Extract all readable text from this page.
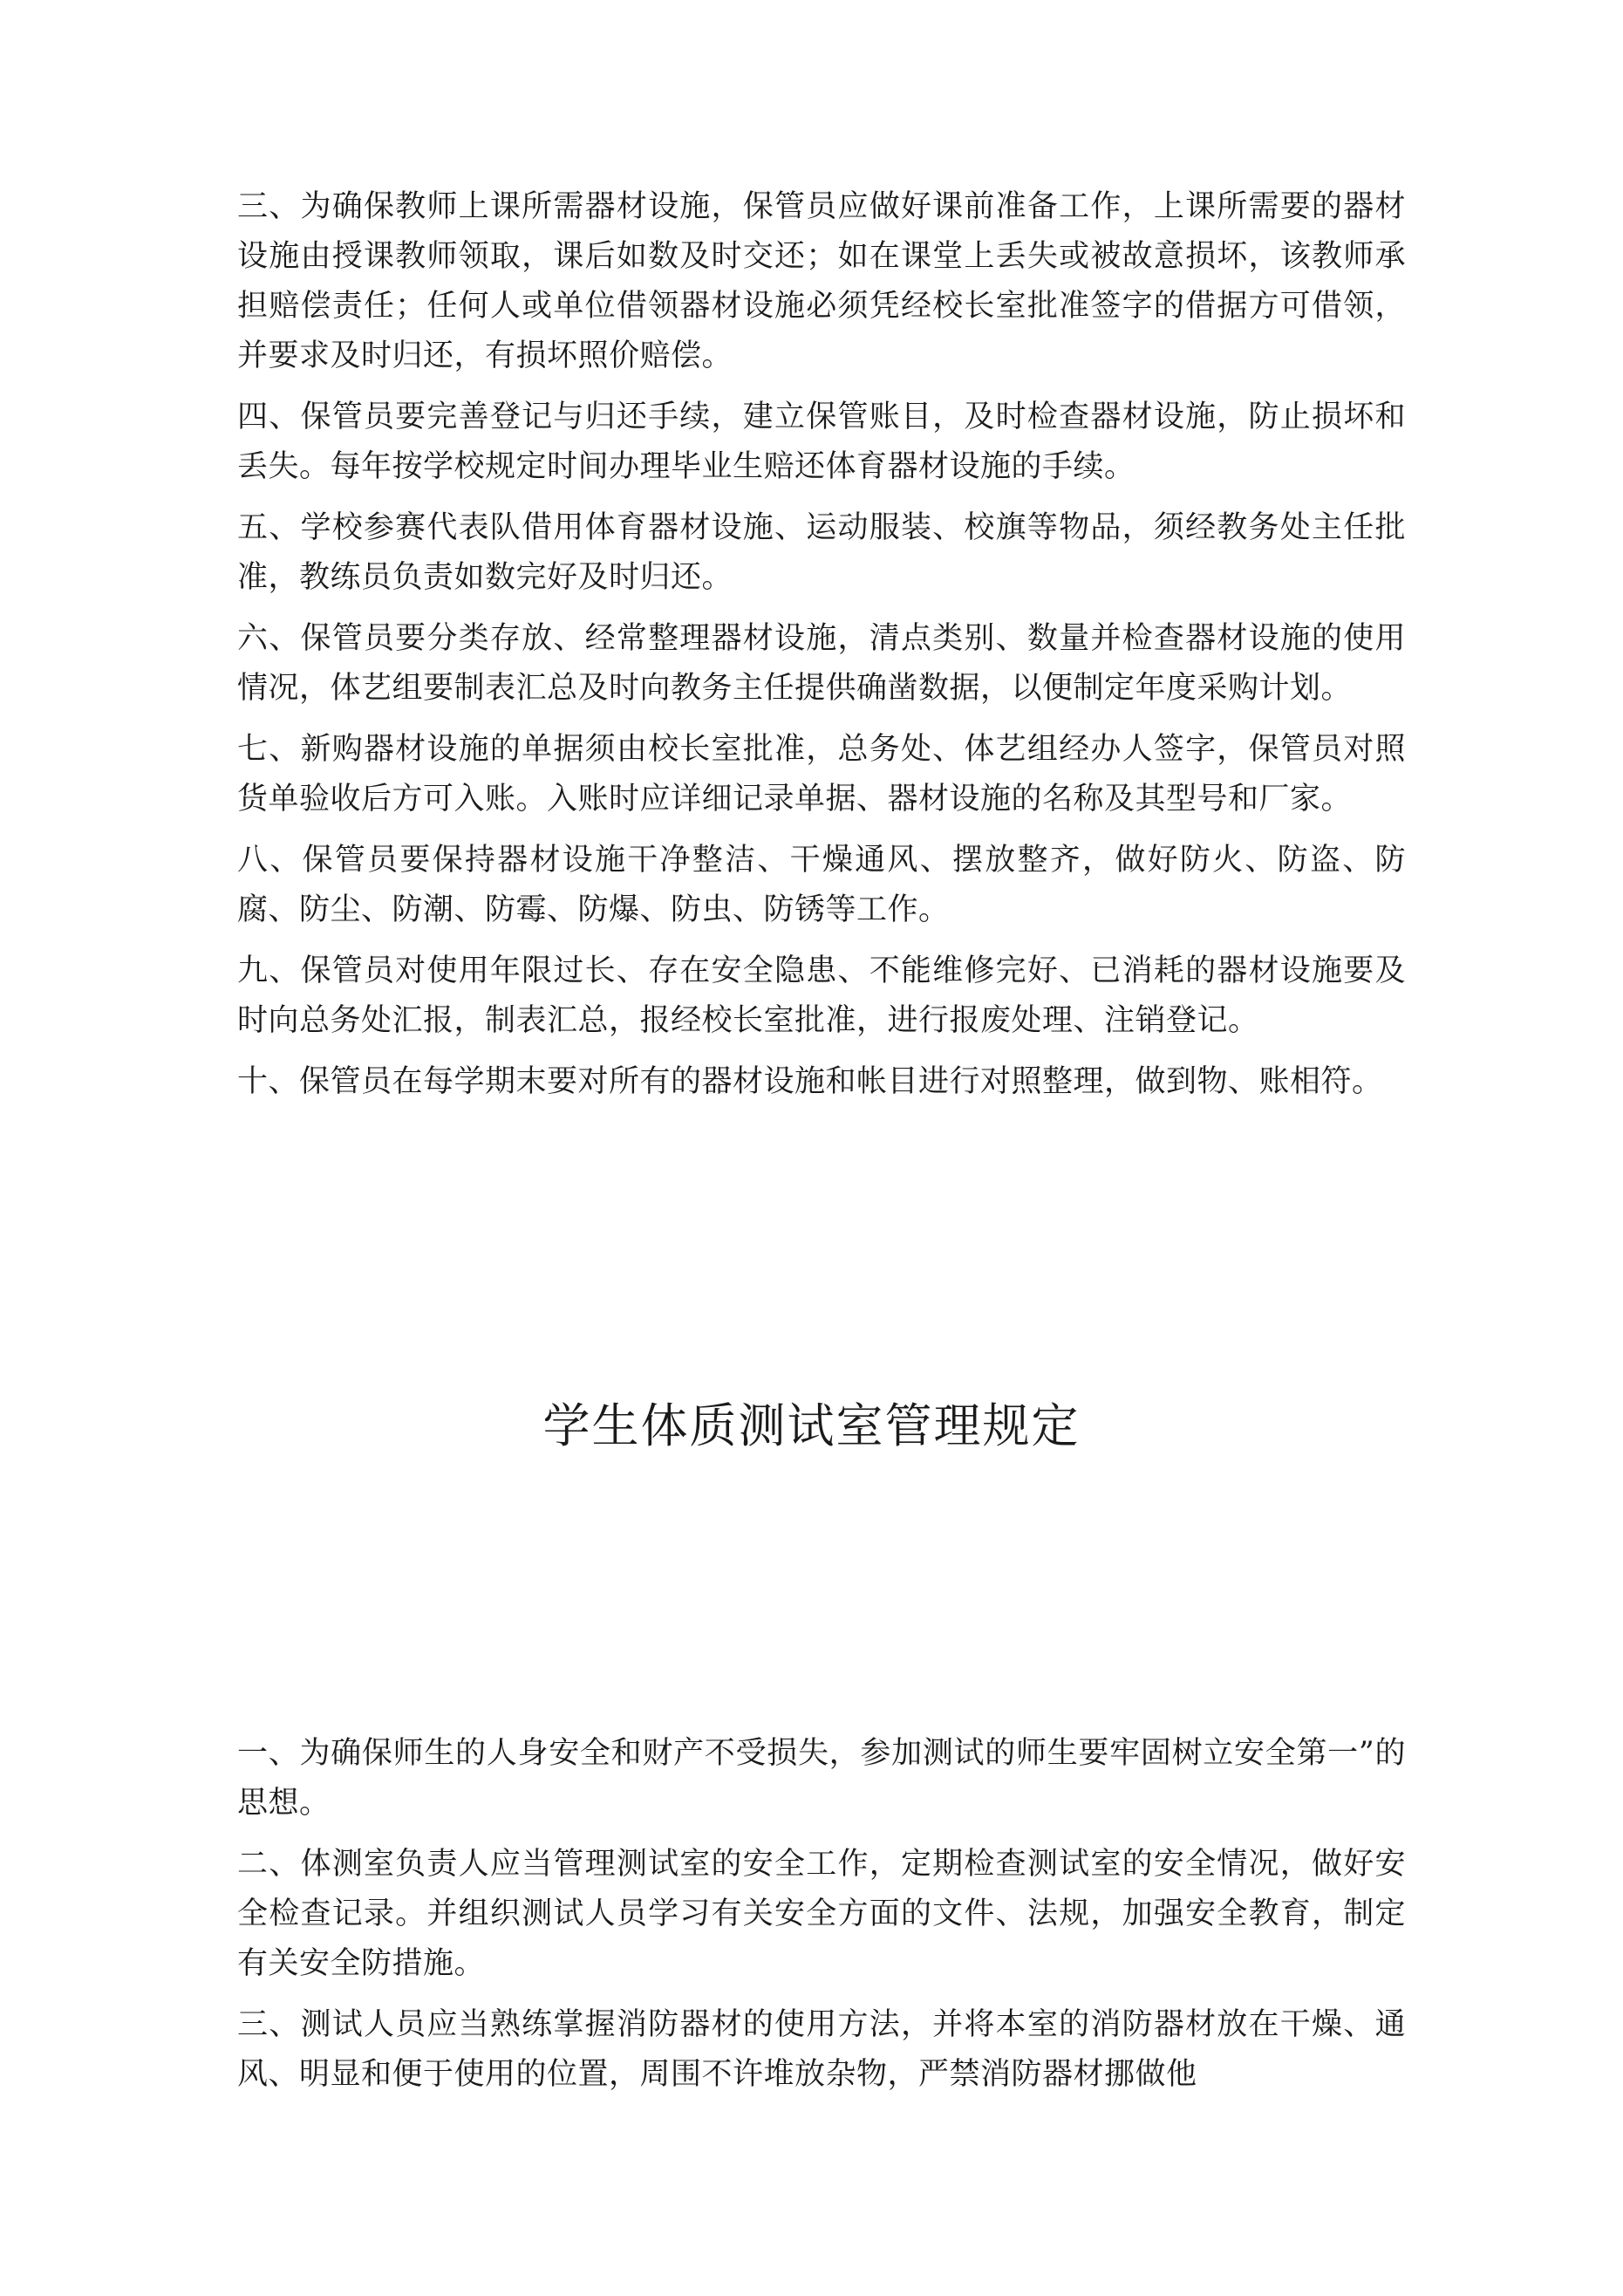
三、为确保教师上课所需器材设施，保管员应做好课前准备工作，上课所需要的器材设施由授课教师领取，课后如数及时交还；如在课堂上丢失或被故意损坏，该教师承担赔偿责任；任何人或单位借领器材设施必须凭经校长室批准签字的借据方可借领，并要求及时归还，有损坏照价赔偿。

四、保管员要完善登记与归还手续，建立保管账目，及时检查器材设施，防止损坏和丢失。每年按学校规定时间办理毕业生赔还体育器材设施的手续。

五、学校参赛代表队借用体育器材设施、运动服装、校旗等物品，须经教务处主任批准，教练员负责如数完好及时归还。

六、保管员要分类存放、经常整理器材设施，清点类别、数量并检查器材设施的使用情况，体艺组要制表汇总及时向教务主任提供确凿数据，以便制定年度采购计划。

七、新购器材设施的单据须由校长室批准，总务处、体艺组经办人签字，保管员对照货单验收后方可入账。入账时应详细记录单据、器材设施的名称及其型号和厂家。

八、保管员要保持器材设施干净整洁、干燥通风、摆放整齐，做好防火、防盗、防腐、防尘、防潮、防霉、防爆、防虫、防锈等工作。

九、保管员对使用年限过长、存在安全隐患、不能维修完好、已消耗的器材设施要及时向总务处汇报，制表汇总，报经校长室批准，进行报废处理、注销登记。

十、保管员在每学期末要对所有的器材设施和帐目进行对照整理，做到物、账相符。

学生体质测试室管理规定

一、为确保师生的人身安全和财产不受损失，参加测试的师生要牢固树立安全第一”的思想。

二、体测室负责人应当管理测试室的安全工作，定期检查测试室的安全情况，做好安全检查记录。并组织测试人员学习有关安全方面的文件、法规，加强安全教育，制定有关安全防措施。

三、测试人员应当熟练掌握消防器材的使用方法，并将本室的消防器材放在干燥、通风、明显和便于使用的位置，周围不许堆放杂物，严禁消防器材挪做他
